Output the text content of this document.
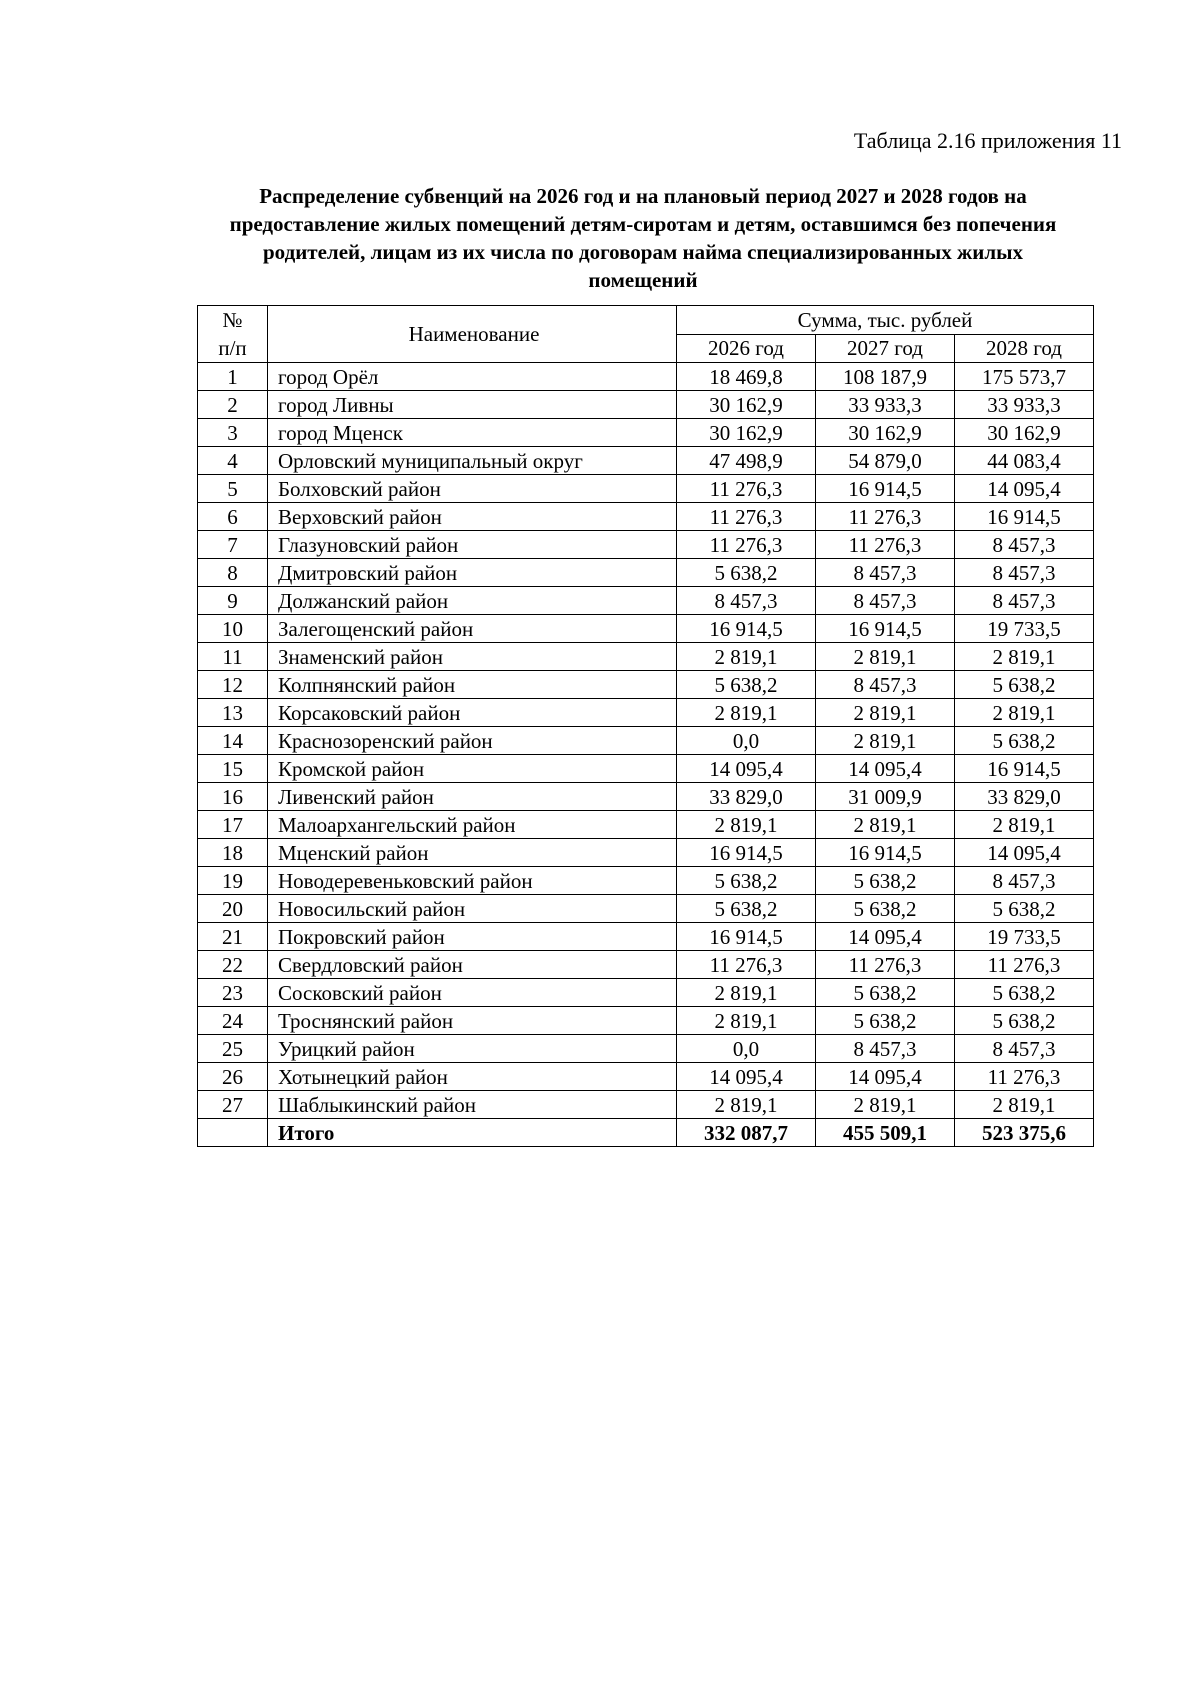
Таблица 2.16 приложения 11
Распределение субвенций на 2026 год и на плановый период 2027 и 2028 годов на
предоставление жилых помещений детям-сиротам и детям, оставшимся без попечения
родителей, лицам из их числа по договорам найма специализированных жилых
помещений
№
п/п	Наименование	Сумма, тыс. рублей		
		2026 год	2027 год	2028 год
1	город Орёл	18 469,8	108 187,9	175 573,7
2	город Ливны	30 162,9	33 933,3	33 933,3
3	город Мценск	30 162,9	30 162,9	30 162,9
4	Орловский муниципальный округ	47 498,9	54 879,0	44 083,4
5	Болховский район	11 276,3	16 914,5	14 095,4
6	Верховский район	11 276,3	11 276,3	16 914,5
7	Глазуновский район	11 276,3	11 276,3	8 457,3
8	Дмитровский район	5 638,2	8 457,3	8 457,3
9	Должанский район	8 457,3	8 457,3	8 457,3
10	Залегощенский район	16 914,5	16 914,5	19 733,5
11	Знаменский район	2 819,1	2 819,1	2 819,1
12	Колпнянский район	5 638,2	8 457,3	5 638,2
13	Корсаковский район	2 819,1	2 819,1	2 819,1
14	Краснозоренский район	0,0	2 819,1	5 638,2
15	Кромской район	14 095,4	14 095,4	16 914,5
16	Ливенский район	33 829,0	31 009,9	33 829,0
17	Малоархангельский район	2 819,1	2 819,1	2 819,1
18	Мценский район	16 914,5	16 914,5	14 095,4
19	Новодеревеньковский район	5 638,2	5 638,2	8 457,3
20	Новосильский район	5 638,2	5 638,2	5 638,2
21	Покровский район	16 914,5	14 095,4	19 733,5
22	Свердловский район	11 276,3	11 276,3	11 276,3
23	Сосковский район	2 819,1	5 638,2	5 638,2
24	Троснянский район	2 819,1	5 638,2	5 638,2
25	Урицкий район	0,0	8 457,3	8 457,3
26	Хотынецкий район	14 095,4	14 095,4	11 276,3
27	Шаблыкинский район	2 819,1	2 819,1	2 819,1
	Итого	332 087,7	455 509,1	523 375,6
